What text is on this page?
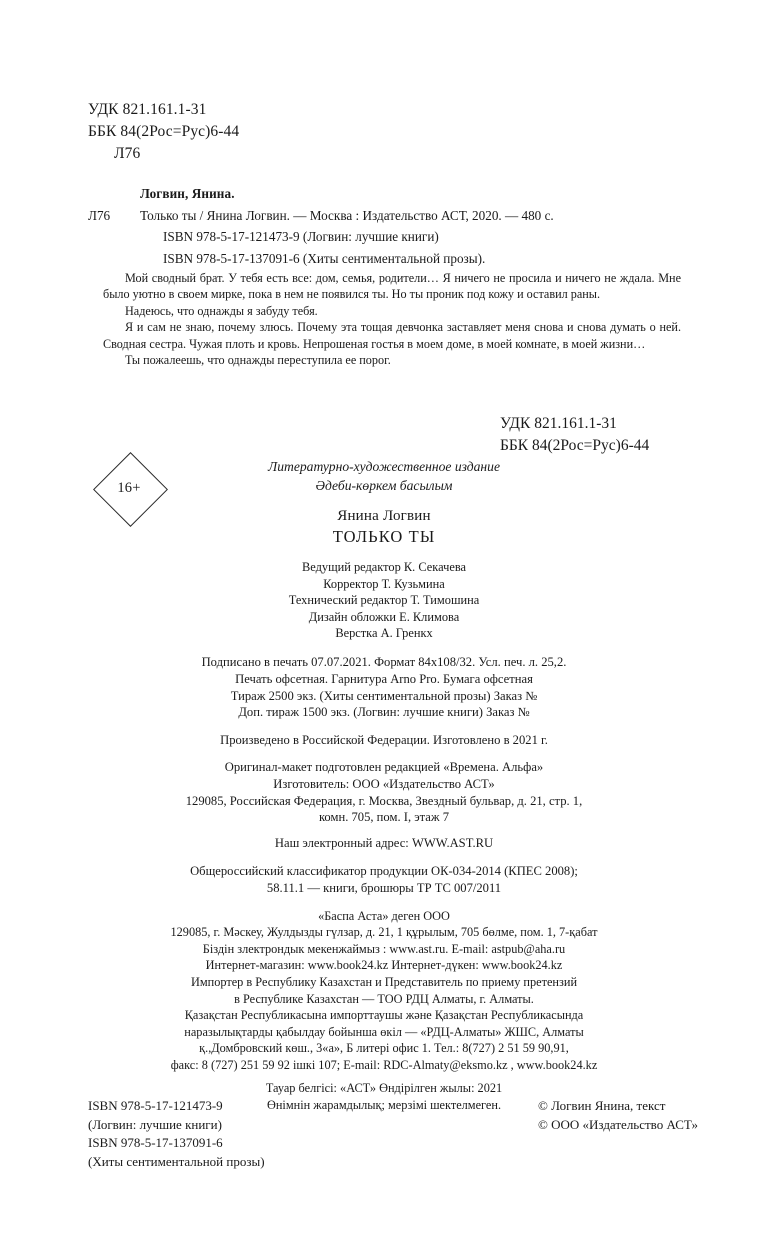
УДК 821.161.1-31
ББК 84(2Рос=Рус)6-44
Л76
Логвин, Янина.
Л76 Только ты / Янина Логвин. — Москва : Издательство АСТ, 2020. — 480 с.
ISBN 978-5-17-121473-9 (Логвин: лучшие книги)
ISBN 978-5-17-137091-6 (Хиты сентиментальной прозы).

Мой сводный брат. У тебя есть все: дом, семья, родители… Я ничего не просила и ничего не ждала. Мне было уютно в своем мирке, пока в нем не появился ты. Но ты проник под кожу и оставил раны.

Надеюсь, что однажды я забуду тебя.

Я и сам не знаю, почему злюсь. Почему эта тощая девчонка заставляет меня снова и снова думать о ней. Сводная сестра. Чужая плоть и кровь. Непрошеная гостья в моем доме, в моей комнате, в моей жизни…

Ты пожалеешь, что однажды переступила ее порог.

УДК 821.161.1-31
ББК 84(2Рос=Рус)6-44
16+
Литературно-художественное издание
Әдеби-көркем басылым
Янина Логвин
ТОЛЬКО ТЫ
Ведущий редактор К. Секачева
Корректор Т. Кузьмина
Технический редактор Т. Тимошина
Дизайн обложки Е. Климова
Верстка А. Гренкх
Подписано в печать 07.07.2021. Формат 84х108/32. Усл. печ. л. 25,2.
Печать офсетная. Гарнитура Arno Pro. Бумага офсетная
Тираж 2500 экз. (Хиты сентиментальной прозы) Заказ №
Доп. тираж 1500 экз. (Логвин: лучшие книги) Заказ №
Произведено в Российской Федерации. Изготовлено в 2021 г.
Оригинал-макет подготовлен редакцией «Времена. Альфа»
Изготовитель: ООО «Издательство АСТ»
129085, Российская Федерация, г. Москва, Звездный бульвар, д. 21, стр. 1,
комн. 705, пом. I, этаж 7
Наш электронный адрес: WWW.AST.RU
Общероссийский классификатор продукции ОК-034-2014 (КПЕС 2008);
58.11.1 — книги, брошюры ТР ТС 007/2011
«Баспа Аста» деген ООО
129085, г. Мәскеу, Жулдызды гүлзар, д. 21, 1 құрылым, 705 бөлме, пом. 1, 7-қабат
Біздін злектрондык мекенжаймыз : www.ast.ru. E-mail: astpub@aha.ru
Интернет-магазин: www.book24.kz Интернет-дүкен: www.book24.kz
Импортер в Республику Казахстан и Представитель по приему претензий
в Республике Казахстан — ТОО РДЦ Алматы, г. Алматы.
Қазақстан Республикасына импорттаушы және Қазақстан Республикасында
наразылықтарды қабылдау бойынша өкіл — «РДЦ-Алматы» ЖШС, Алматы
қ.,Домбровский көш., 3«а», Б литері офис 1. Тел.: 8(727) 2 51 59 90,91,
факс: 8 (727) 251 59 92 ішкі 107; E-mail: RDC-Almaty@eksmo.kz , www.book24.kz
Тауар белгісі: «АСТ» Өндірілген жылы: 2021
Өнімнін жарамдылық; мерзімі шектелмеген.
ISBN 978-5-17-121473-9
(Логвин: лучшие книги)
ISBN 978-5-17-137091-6
(Хиты сентиментальной прозы)
© Логвин Янина, текст
© ООО «Издательство АСТ»
